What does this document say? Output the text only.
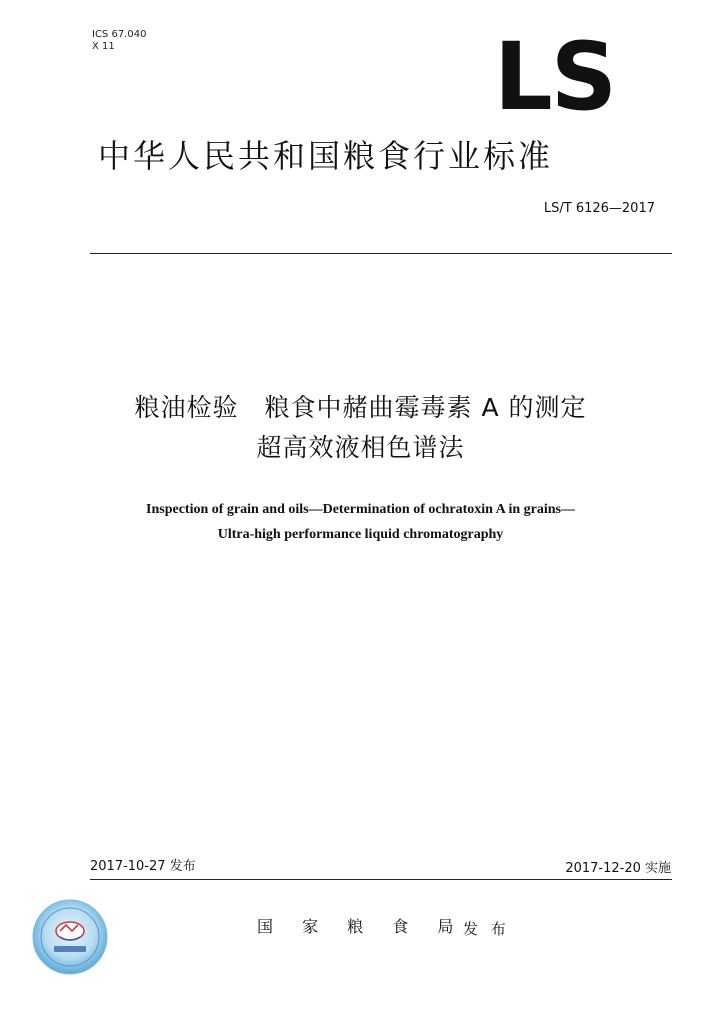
ICS 67.040
X 11	LS
中华人民共和国粮食行业标准
LS/T 6126—2017
粮油检验　粮食中赭曲霉毒素 A 的测定
超高效液相色谱法
Inspection of grain and oils—Determination of ochratoxin A in grains—
Ultra-high performance liquid chromatography
2017-10-27 发布	2017-12-20 实施
国 家 粮 食 局
发 布
